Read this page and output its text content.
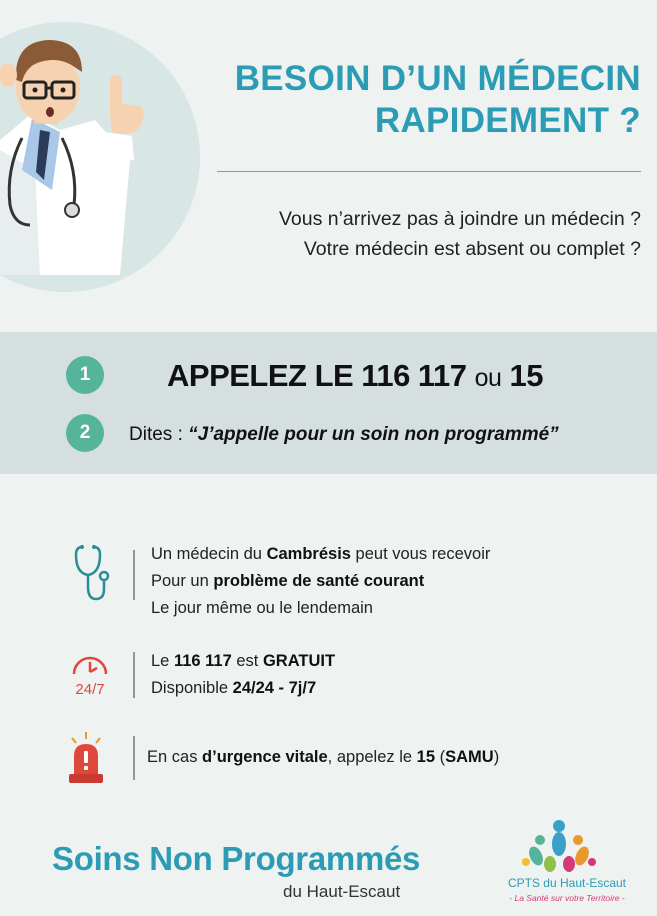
BESOIN D’UN MÉDECIN
RAPIDEMENT ?
Vous n’arrivez pas à joindre un médecin ?
Votre médecin est absent ou complet ?
1	APPELEZ LE 116 117 ou 15
2	Dites : “J’appelle pour un soin non programmé”
Un médecin du Cambrésis peut vous recevoir
Pour un problème de santé courant
Le jour même ou le lendemain
24/7
Le 116 117 est GRATUIT
Disponible 24/24 - 7j/7
En cas d’urgence vitale, appelez le 15 (SAMU)
Soins Non Programmés
du Haut-Escaut	CPTS du Haut-Escaut
- La Santé sur votre Territoire -
